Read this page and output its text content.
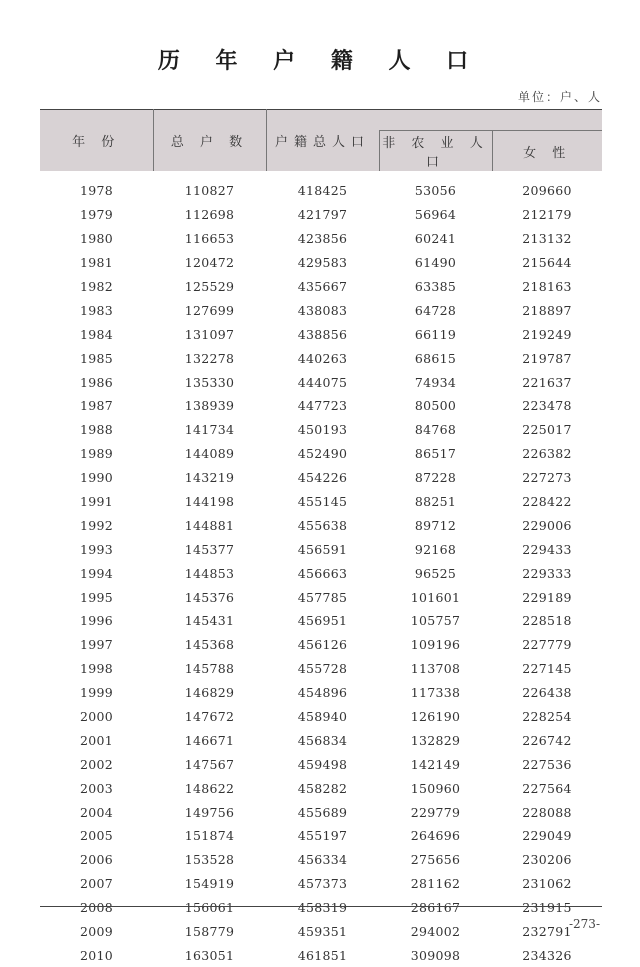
历 年 户 籍 人 口
单位：户、人
年 份	总 户 数	户籍总人口		
			非 农 业 人 口	女 性
1978	110827	418425	53056	209660
1979	112698	421797	56964	212179
1980	116653	423856	60241	213132
1981	120472	429583	61490	215644
1982	125529	435667	63385	218163
1983	127699	438083	64728	218897
1984	131097	438856	66119	219249
1985	132278	440263	68615	219787
1986	135330	444075	74934	221637
1987	138939	447723	80500	223478
1988	141734	450193	84768	225017
1989	144089	452490	86517	226382
1990	143219	454226	87228	227273
1991	144198	455145	88251	228422
1992	144881	455638	89712	229006
1993	145377	456591	92168	229433
1994	144853	456663	96525	229333
1995	145376	457785	101601	229189
1996	145431	456951	105757	228518
1997	145368	456126	109196	227779
1998	145788	455728	113708	227145
1999	146829	454896	117338	226438
2000	147672	458940	126190	228254
2001	146671	456834	132829	226742
2002	147567	459498	142149	227536
2003	148622	458282	150960	227564
2004	149756	455689	229779	228088
2005	151874	455197	264696	229049
2006	153528	456334	275656	230206
2007	154919	457373	281162	231062
2008	156061	458319	286167	231915
2009	158779	459351	294002	232791
2010	163051	461851	309098	234326
-273-
